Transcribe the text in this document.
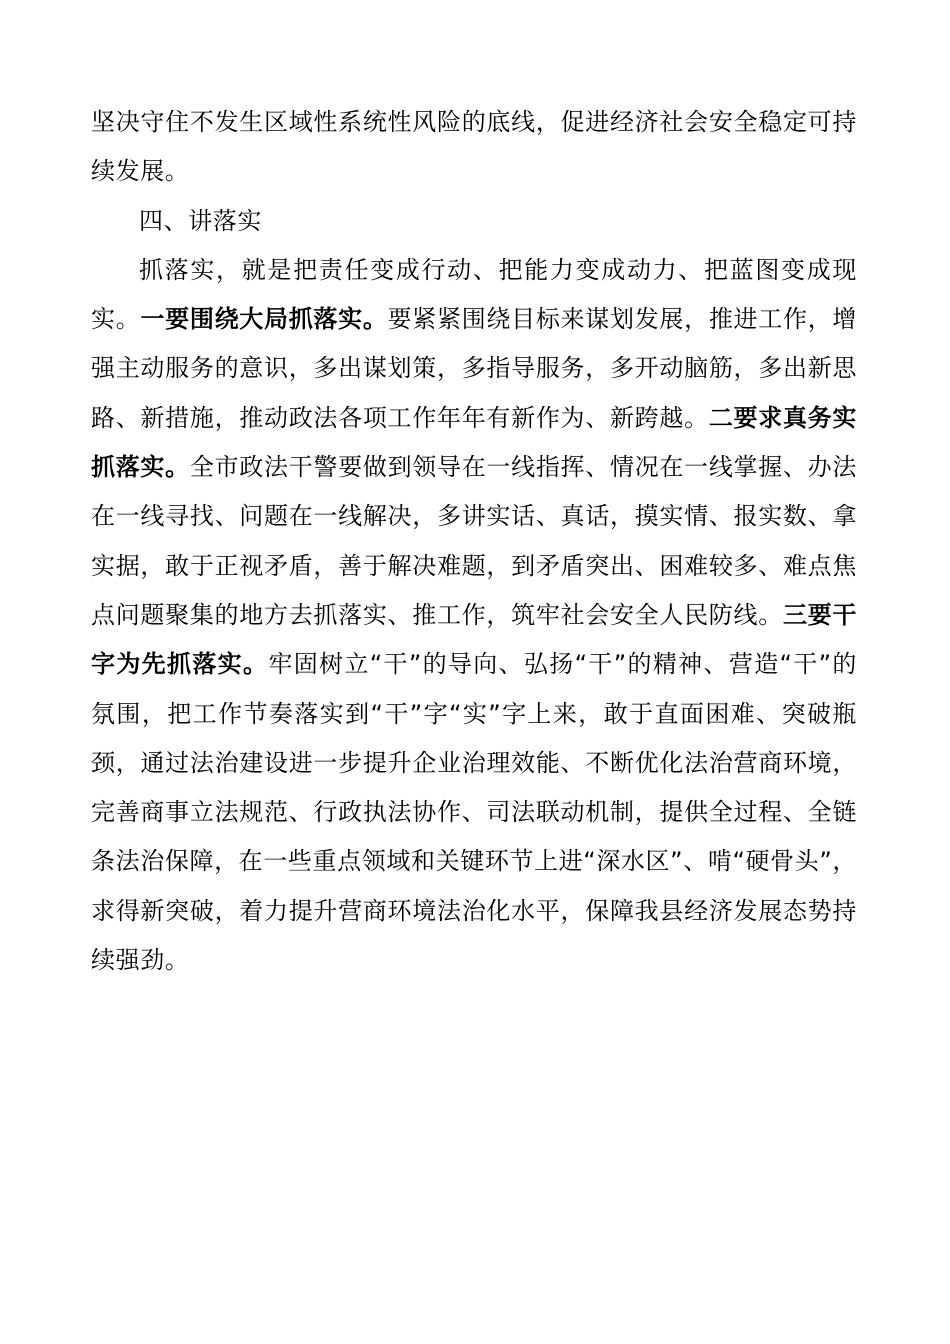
坚决守住不发生区域性系统性风险的底线，促进经济社会安全稳定可持续发展。

四、讲落实

抓落实，就是把责任变成行动、把能力变成动力、把蓝图变成现实。一要围绕大局抓落实。要紧紧围绕目标来谋划发展，推进工作，增强主动服务的意识，多出谋划策，多指导服务，多开动脑筋，多出新思路、新措施，推动政法各项工作年年有新作为、新跨越。二要求真务实抓落实。全市政法干警要做到领导在一线指挥、情况在一线掌握、办法在一线寻找、问题在一线解决，多讲实话、真话，摸实情、报实数、拿实据，敢于正视矛盾，善于解决难题，到矛盾突出、困难较多、难点焦点问题聚集的地方去抓落实、推工作，筑牢社会安全人民防线。三要干字为先抓落实。牢固树立“干”的导向、弘扬“干”的精神、营造“干”的氛围，把工作节奏落实到“干”字“实”字上来，敢于直面困难、突破瓶颈，通过法治建设进一步提升企业治理效能、不断优化法治营商环境，完善商事立法规范、行政执法协作、司法联动机制，提供全过程、全链条法治保障，在一些重点领域和关键环节上进“深水区”、啃“硬骨头”，求得新突破，着力提升营商环境法治化水平，保障我县经济发展态势持续强劲。
